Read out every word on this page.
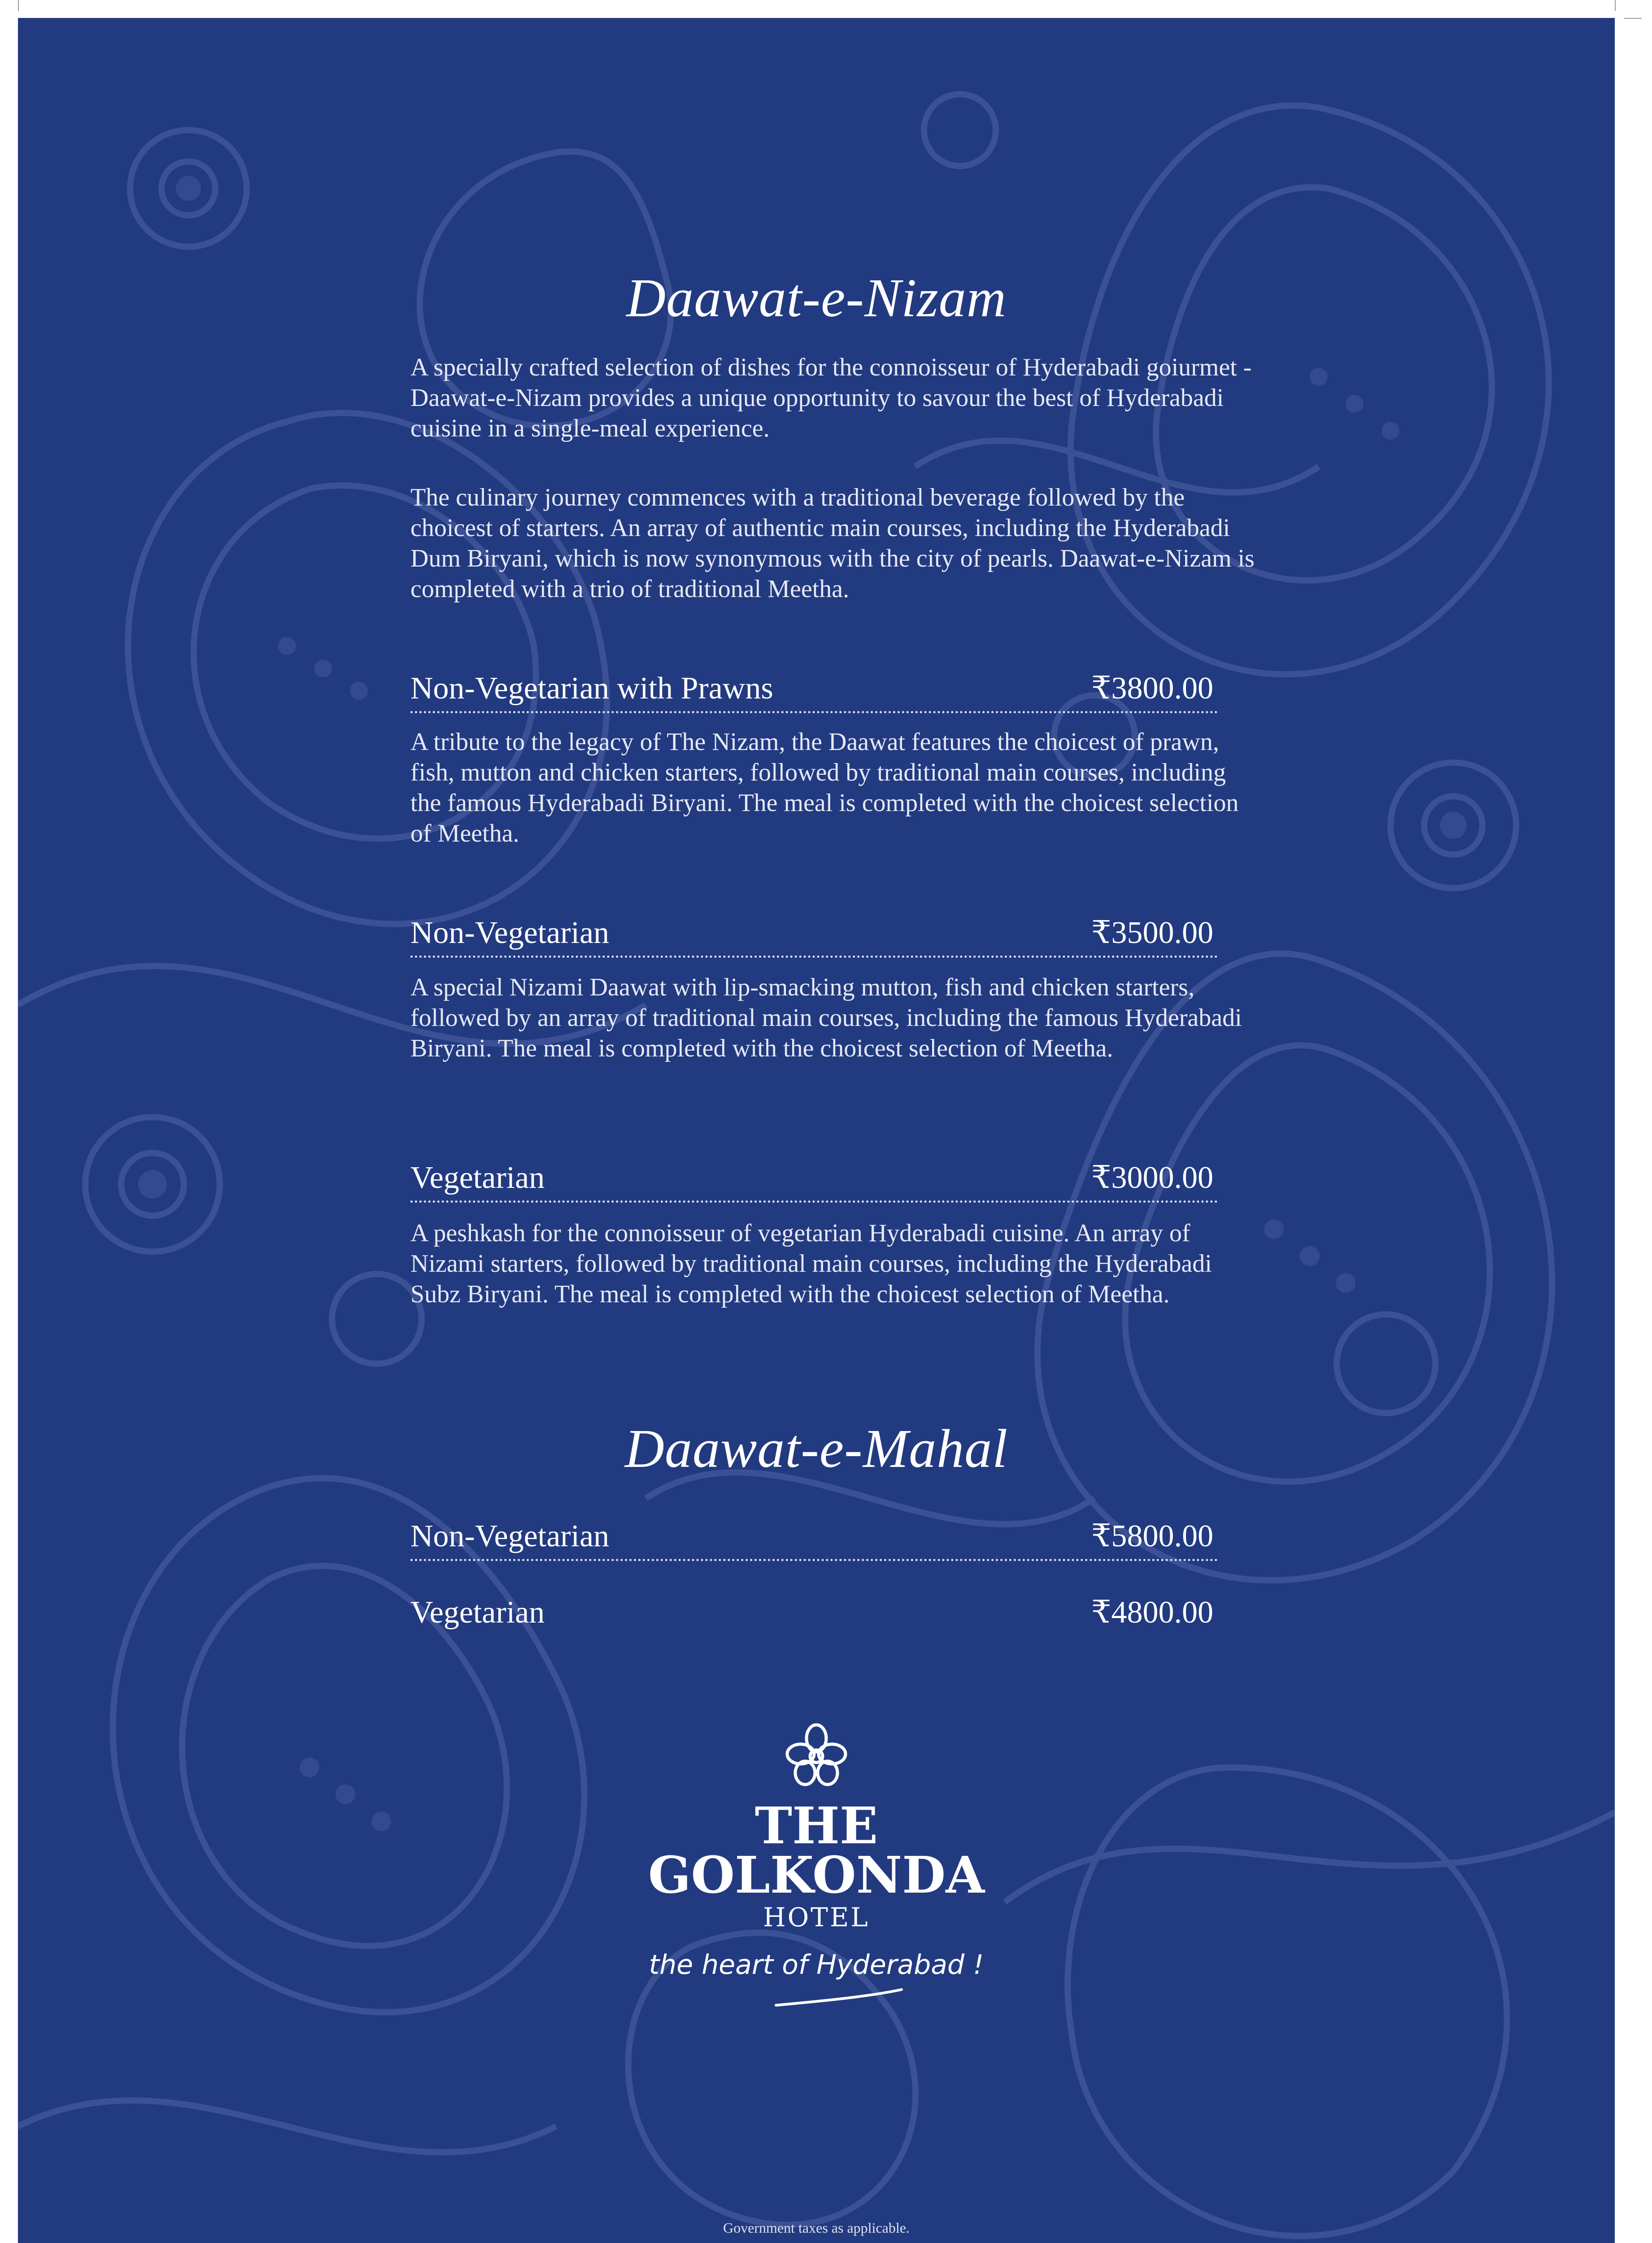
Daawat-e-Nizam

A specially crafted selection of dishes for the connoisseur of Hyderabadi goiurmet - Daawat-e-Nizam provides a unique opportunity to savour the best of Hyderabadi cuisine in a single-meal experience.

The culinary journey commences with a traditional beverage followed by the choicest of starters. An array of authentic main courses, including the Hyderabadi Dum Biryani, which is now synonymous with the city of pearls. Daawat-e-Nizam is completed with a trio of traditional Meetha.

Non-Vegetarian with Prawns	₹3800.00

A tribute to the legacy of The Nizam, the Daawat features the choicest of prawn, fish, mutton and chicken starters, followed by traditional main courses, including the famous Hyderabadi Biryani. The meal is completed with the choicest selection of Meetha.

Non-Vegetarian	₹3500.00

A special Nizami Daawat with lip-smacking mutton, fish and chicken starters, followed by an array of traditional main courses, including the famous Hyderabadi Biryani. The meal is completed with the choicest selection of Meetha.

Vegetarian	₹3000.00

A peshkash for the connoisseur of vegetarian Hyderabadi cuisine. An array of Nizami starters, followed by traditional main courses, including the Hyderabadi Subz Biryani. The meal is completed with the choicest selection of Meetha.

Daawat-e-Mahal
Non-Vegetarian	₹5800.00
Vegetarian	₹4800.00
THE
GOLKONDA
HOTEL
the heart of Hyderabad !
Government taxes as applicable.
